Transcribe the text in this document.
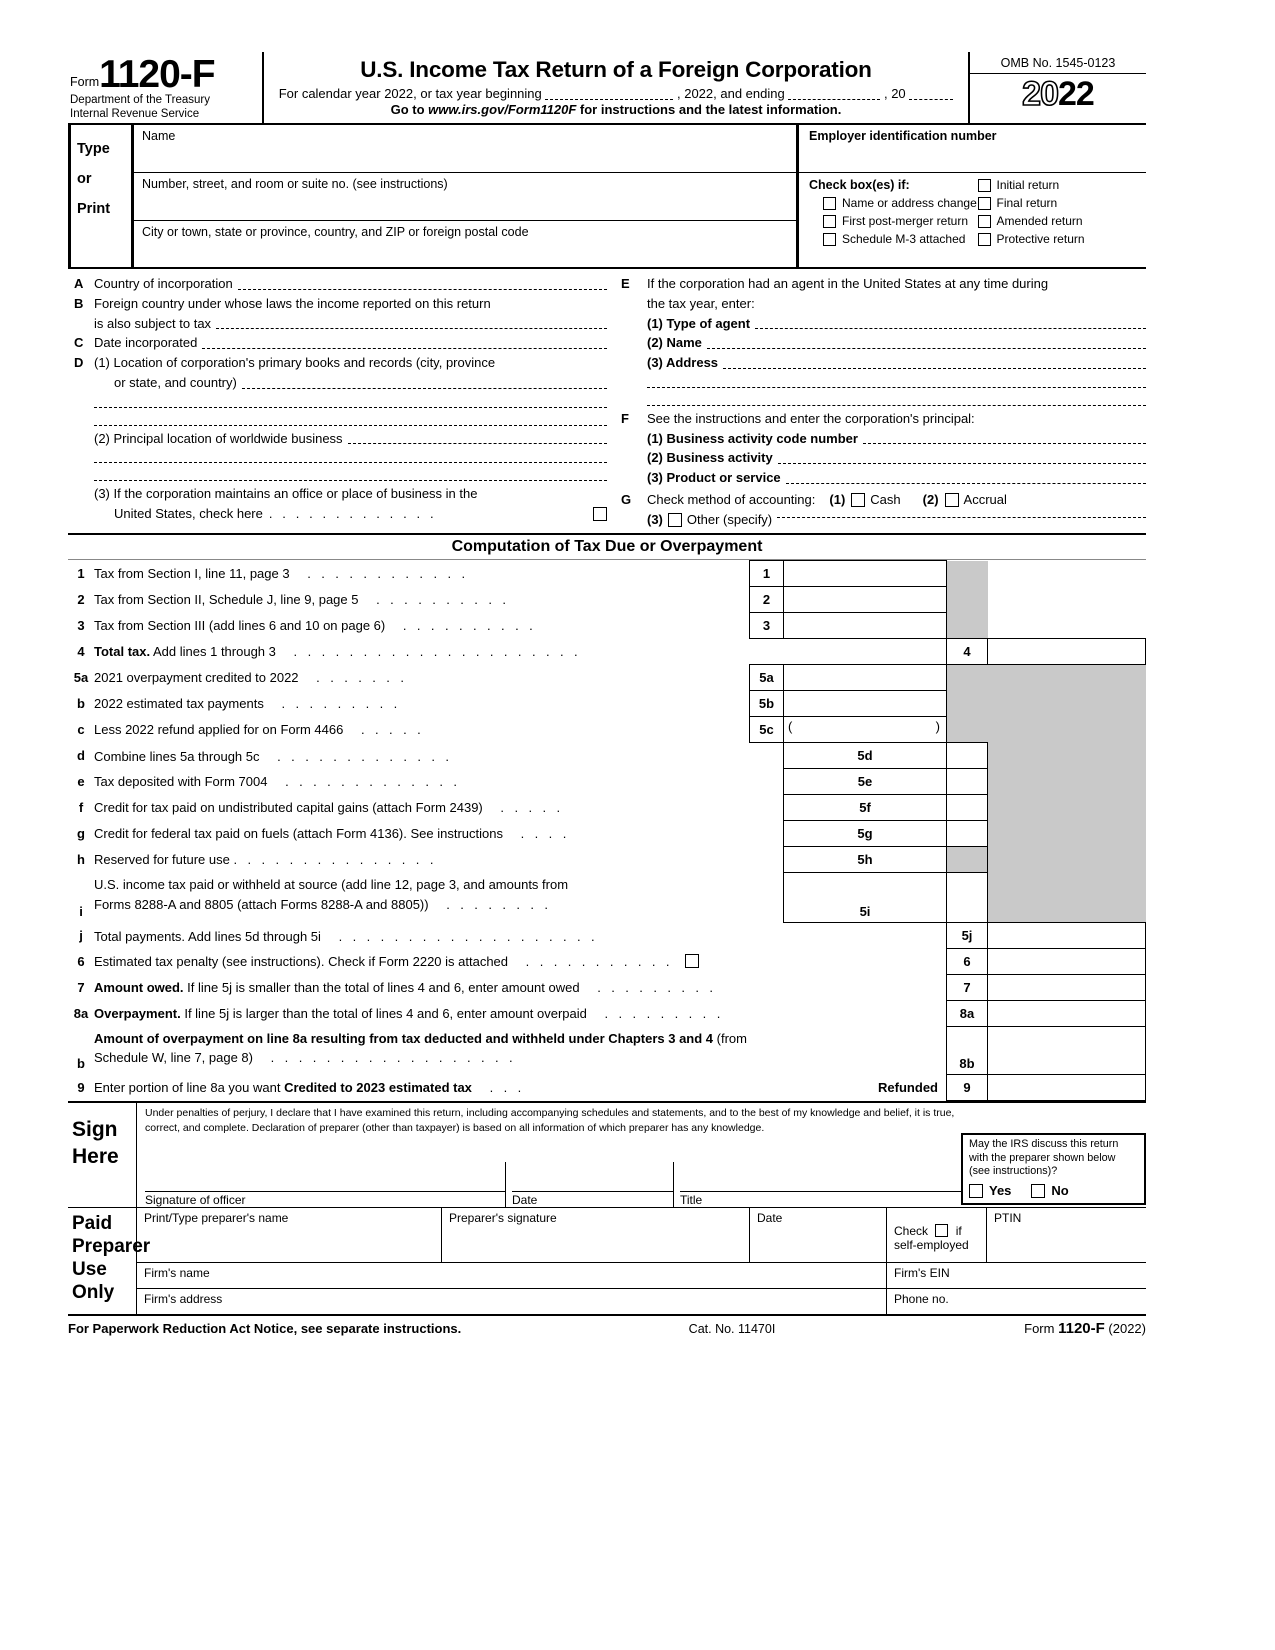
Form1120-F
Department of the Treasury
Internal Revenue Service
U.S. Income Tax Return of a Foreign Corporation
For calendar year 2022, or tax year beginning	, 2022, and ending	, 20
Go to www.irs.gov/Form1120F for instructions and the latest information.
OMB No. 1545-0123
2022
Type
or
Print
Name
Number, street, and room or suite no. (see instructions)
City or town, state or province, country, and ZIP or foreign postal code
Employer identification number
Check box(es) if:	Initial return
Name or address change
First post-merger return
Schedule M-3 attached
Final return
Amended return
Protective return
A Country of incorporation
B Foreign country under whose laws the income reported on this return
is also subject to tax
C Date incorporated
D (1) Location of corporation's primary books and records (city, province
or state, and country)
(2) Principal location of worldwide business
(3) If the corporation maintains an office or place of business in the
United States, check here . . . . . . . . . . . . .
E	If the corporation had an agent in the United States at any time during
the tax year, enter:
(1) Type of agent
(2) Name
(3) Address
F	See the instructions and enter the corporation's principal:
(1) Business activity code number
(2) Business activity
(3) Product or service
G	Check method of accounting:	(1) Cash	(2) Accrual
(3) Other (specify)
Computation of Tax Due or Overpayment
1	Tax from Section I, line 11, page 3   . . . . . . . . . . . .	1			
2	Tax from Section II, Schedule J, line 9, page 5   . . . . . . . . . .	2			
3	Tax from Section III (add lines 6 and 10 on page 6)   . . . . . . . . . .	3			
4	Total tax. Add lines 1 through 3   . . . . . . . . . . . . . . . . . . . . .			4	
5a	2021 overpayment credited to 2022   . . . . . . .	5a			
b	2022 estimated tax payments   . . . . . . . . .	5b			
c	Less 2022 refund applied for on Form 4466   . . . . .	5c	( )		

d	Combine lines 5a through 5c   . . . . . . . . . . . . .		5d		
e	Tax deposited with Form 7004   . . . . . . . . . . . . .		5e		
f	Credit for tax paid on undistributed capital gains (attach Form 2439)   . . . . .		5f		
g	Credit for federal tax paid on fuels (attach Form 4136). See instructions   . . . .		5g		
h	Reserved for future use . . . . . . . . . . . . . . .		5h		
i	U.S. income tax paid or withheld at source (add line 12, page 3, and amounts from
Forms 8288-A and 8805 (attach Forms 8288-A and 8805))   . . . . . . . .		5i		
j	Total payments. Add lines 5d through 5i   . . . . . . . . . . . . . . . . . . .			5j	
6	Estimated tax penalty (see instructions). Check if Form 2220 is attached   . . . . . . . . . . .			6	
7	Amount owed. If line 5j is smaller than the total of lines 4 and 6, enter amount owed   . . . . . . . . .			7	
8a	Overpayment. If line 5j is larger than the total of lines 4 and 6, enter amount overpaid   . . . . . . . . .			8a	
b	Amount of overpayment on line 8a resulting from tax deducted and withheld under Chapters 3 and 4 (from
Schedule W, line 7, page 8)   . . . . . . . . . . . . . . . . . .			8b	
9	Enter portion of line 8a you want Credited to 2023 estimated tax   . . . Refunded			9	
Sign
Here
Under penalties of perjury, I declare that I have examined this return, including accompanying schedules and statements, and to the best of my knowledge and belief, it is true,
correct, and complete. Declaration of preparer (other than taxpayer) is based on all information of which preparer has any knowledge.
Signature of officer	Date	Title
May the IRS discuss this return
with the preparer shown below
(see instructions)?
Yes	No
Paid
Preparer
Use Only
Print/Type preparer's name	Preparer's signature	Date
Check if
self-employed
PTIN
Firm's name	Firm's EIN
Firm's address	Phone no.
For Paperwork Reduction Act Notice, see separate instructions.	Cat. No. 11470I	Form 1120-F (2022)
